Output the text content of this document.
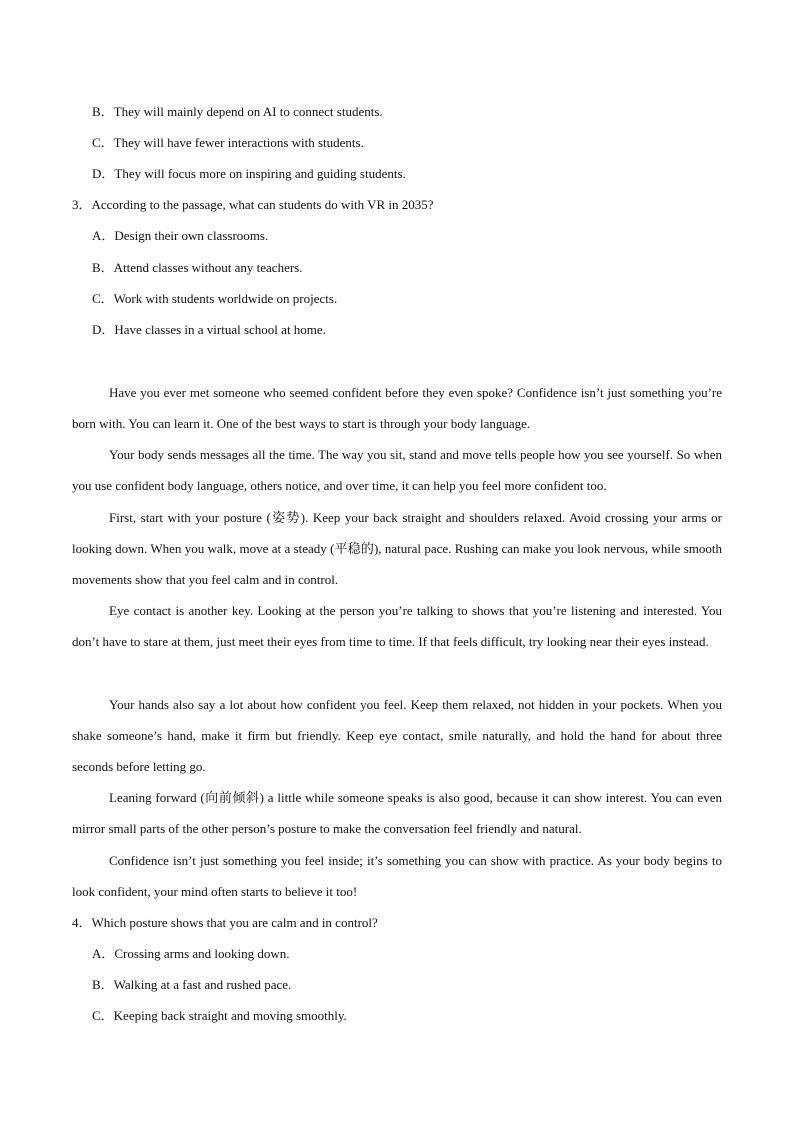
B．They will mainly depend on AI to connect students.
C．They will have fewer interactions with students.
D．They will focus more on inspiring and guiding students.
3．According to the passage, what can students do with VR in 2035?
A．Design their own classrooms.
B．Attend classes without any teachers.
C．Work with students worldwide on projects.
D．Have classes in a virtual school at home.

Have you ever met someone who seemed confident before they even spoke? Confidence isn’t just something you’re born with. You can learn it. One of the best ways to start is through your body language.

Your body sends messages all the time. The way you sit, stand and move tells people how you see yourself. So when you use confident body language, others notice, and over time, it can help you feel more confident too.

First, start with your posture (姿势). Keep your back straight and shoulders relaxed. Avoid crossing your arms or looking down. When you walk, move at a steady (平稳的), natural pace. Rushing can make you look nervous, while smooth movements show that you feel calm and in control.

Eye contact is another key. Looking at the person you’re talking to shows that you’re listening and interested. You don’t have to stare at them, just meet their eyes from time to time. If that feels difficult, try looking near their eyes instead.

Your hands also say a lot about how confident you feel. Keep them relaxed, not hidden in your pockets. When you shake someone’s hand, make it firm but friendly. Keep eye contact, smile naturally, and hold the hand for about three seconds before letting go.

Leaning forward (向前倾斜) a little while someone speaks is also good, because it can show interest. You can even mirror small parts of the other person’s posture to make the conversation feel friendly and natural.

Confidence isn’t just something you feel inside; it’s something you can show with practice. As your body begins to look confident, your mind often starts to believe it too!

4．Which posture shows that you are calm and in control?
A．Crossing arms and looking down.
B．Walking at a fast and rushed pace.
C．Keeping back straight and moving smoothly.
